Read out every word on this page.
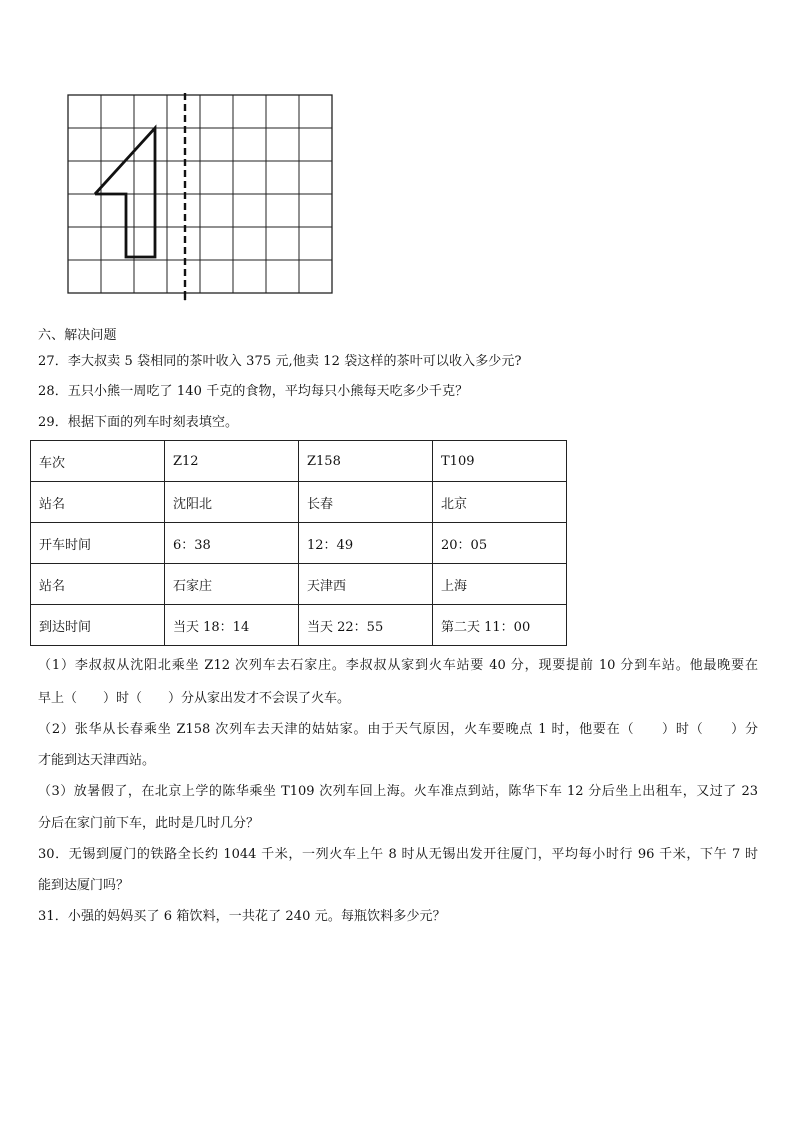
六、解决问题
27．李大叔卖 5 袋相同的茶叶收入 375 元,他卖 12 袋这样的茶叶可以收入多少元?
28．五只小熊一周吃了 140 千克的食物，平均每只小熊每天吃多少千克？
29．根据下面的列车时刻表填空。
车次	Z12	Z158	T109
站名	沈阳北	长春	北京
开车时间	6：38	12：49	20：05
站名	石家庄	天津西	上海
到达时间	当天 18：14	当天 22：55	第二天 11：00
（1）李叔叔从沈阳北乘坐 Z12 次列车去石家庄。李叔叔从家到火车站要 40 分，现要提前 10 分到车站。他最晚要在
早上（　　）时（　　）分从家出发才不会误了火车。
（2）张华从长春乘坐 Z158 次列车去天津的姑姑家。由于天气原因，火车要晚点 1 时，他要在（　　）时（　　）分
才能到达天津西站。
（3）放暑假了，在北京上学的陈华乘坐 T109 次列车回上海。火车准点到站，陈华下车 12 分后坐上出租车，又过了 23
分后在家门前下车，此时是几时几分？
30．无锡到厦门的铁路全长约 1044 千米，一列火车上午 8 时从无锡出发开往厦门，平均每小时行 96 千米，下午 7 时
能到达厦门吗？
31．小强的妈妈买了 6 箱饮料，一共花了 240 元。每瓶饮料多少元？
